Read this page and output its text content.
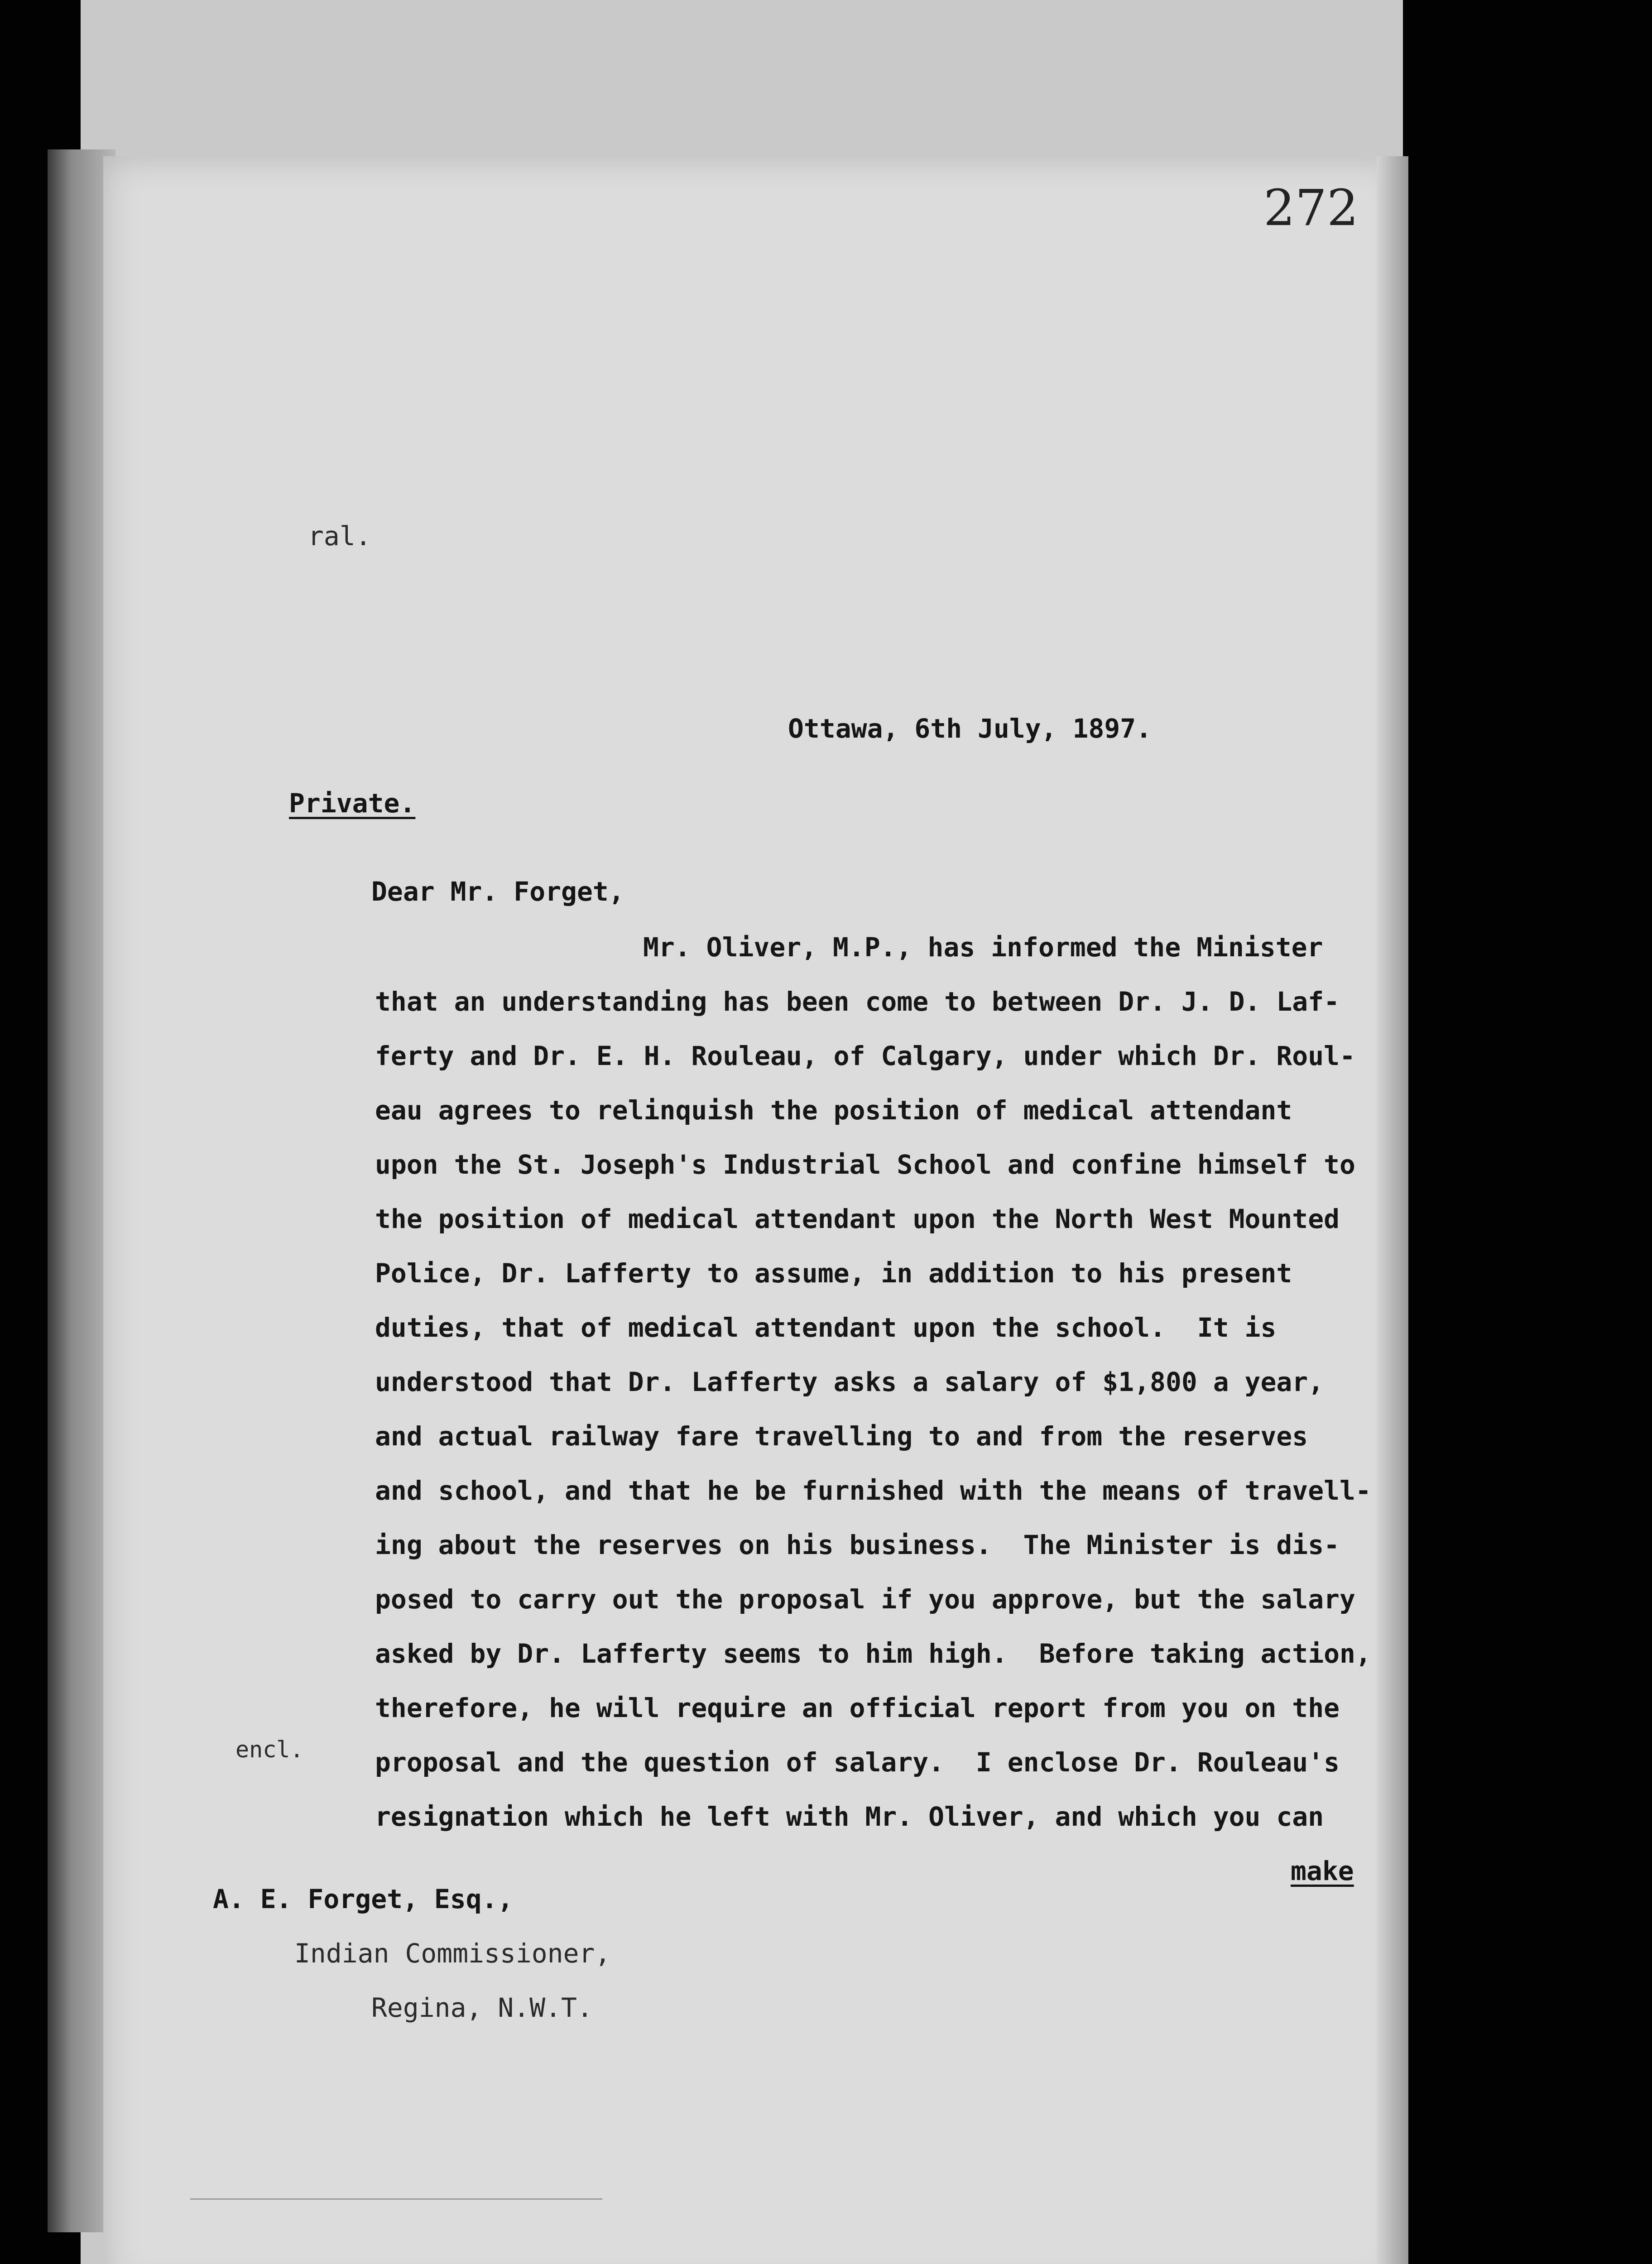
272
ral.
Ottawa, 6th July, 1897.
Private.
Dear Mr. Forget,
Mr. Oliver, M.P., has informed the Minister
that an understanding has been come to between Dr. J. D. Laf-
ferty and Dr. E. H. Rouleau, of Calgary, under which Dr. Roul-
eau agrees to relinquish the position of medical attendant
upon the St. Joseph's Industrial School and confine himself to
the position of medical attendant upon the North West Mounted
Police, Dr. Lafferty to assume, in addition to his present
duties, that of medical attendant upon the school.  It is
understood that Dr. Lafferty asks a salary of $1,800 a year,
and actual railway fare travelling to and from the reserves
and school, and that he be furnished with the means of travell-
ing about the reserves on his business.  The Minister is dis-
posed to carry out the proposal if you approve, but the salary
asked by Dr. Lafferty seems to him high.  Before taking action,
therefore, he will require an official report from you on the
proposal and the question of salary.  I enclose Dr. Rouleau's
resignation which he left with Mr. Oliver, and which you can
encl.
make
A. E. Forget, Esq.,
Indian Commissioner,
Regina, N.W.T.
